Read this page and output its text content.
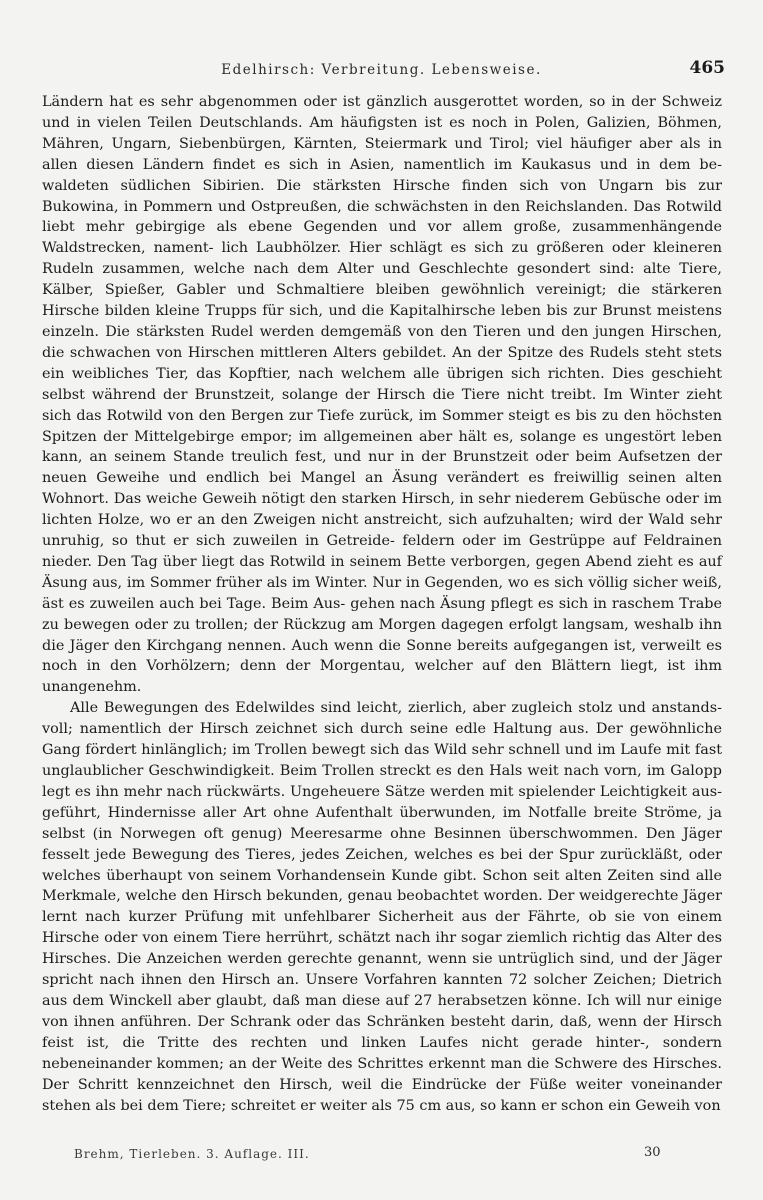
Edelhirsch: Verbreitung. Lebensweise.	465

Ländern hat es sehr abgenommen oder ist gänzlich ausgerottet worden, so in der Schweiz und in vielen Teilen Deutschlands. Am häufigsten ist es noch in Polen, Galizien, Böhmen, Mähren, Ungarn, Siebenbürgen, Kärnten, Steiermark und Tirol; viel häufiger aber als in allen diesen Ländern findet es sich in Asien, namentlich im Kaukasus und in dem be- waldeten südlichen Sibirien. Die stärksten Hirsche finden sich von Ungarn bis zur Bukowina, in Pommern und Ostpreußen, die schwächsten in den Reichslanden. Das Rotwild liebt mehr gebirgige als ebene Gegenden und vor allem große, zusammenhängende Waldstrecken, nament- lich Laubhölzer. Hier schlägt es sich zu größeren oder kleineren Rudeln zusammen, welche nach dem Alter und Geschlechte gesondert sind: alte Tiere, Kälber, Spießer, Gabler und Schmaltiere bleiben gewöhnlich vereinigt; die stärkeren Hirsche bilden kleine Trupps für sich, und die Kapitalhirsche leben bis zur Brunst meistens einzeln. Die stärksten Rudel werden demgemäß von den Tieren und den jungen Hirschen, die schwachen von Hirschen mittleren Alters gebildet. An der Spitze des Rudels steht stets ein weibliches Tier, das Kopftier, nach welchem alle übrigen sich richten. Dies geschieht selbst während der Brunstzeit, solange der Hirsch die Tiere nicht treibt. Im Winter zieht sich das Rotwild von den Bergen zur Tiefe zurück, im Sommer steigt es bis zu den höchsten Spitzen der Mittelgebirge empor; im allgemeinen aber hält es, solange es ungestört leben kann, an seinem Stande treulich fest, und nur in der Brunstzeit oder beim Aufsetzen der neuen Geweihe und endlich bei Mangel an Äsung verändert es freiwillig seinen alten Wohnort. Das weiche Geweih nötigt den starken Hirsch, in sehr niederem Gebüsche oder im lichten Holze, wo er an den Zweigen nicht anstreicht, sich aufzuhalten; wird der Wald sehr unruhig, so thut er sich zuweilen in Getreide- feldern oder im Gestrüppe auf Feldrainen nieder. Den Tag über liegt das Rotwild in seinem Bette verborgen, gegen Abend zieht es auf Äsung aus, im Sommer früher als im Winter. Nur in Gegenden, wo es sich völlig sicher weiß, äst es zuweilen auch bei Tage. Beim Aus- gehen nach Äsung pflegt es sich in raschem Trabe zu bewegen oder zu trollen; der Rückzug am Morgen dagegen erfolgt langsam, weshalb ihn die Jäger den Kirchgang nennen. Auch wenn die Sonne bereits aufgegangen ist, verweilt es noch in den Vorhölzern; denn der Morgentau, welcher auf den Blättern liegt, ist ihm unangenehm.

Alle Bewegungen des Edelwildes sind leicht, zierlich, aber zugleich stolz und anstands- voll; namentlich der Hirsch zeichnet sich durch seine edle Haltung aus. Der gewöhnliche Gang fördert hinlänglich; im Trollen bewegt sich das Wild sehr schnell und im Laufe mit fast unglaublicher Geschwindigkeit. Beim Trollen streckt es den Hals weit nach vorn, im Galopp legt es ihn mehr nach rückwärts. Ungeheuere Sätze werden mit spielender Leichtigkeit aus- geführt, Hindernisse aller Art ohne Aufenthalt überwunden, im Notfalle breite Ströme, ja selbst (in Norwegen oft genug) Meeresarme ohne Besinnen überschwommen. Den Jäger fesselt jede Bewegung des Tieres, jedes Zeichen, welches es bei der Spur zurückläßt, oder welches überhaupt von seinem Vorhandensein Kunde gibt. Schon seit alten Zeiten sind alle Merkmale, welche den Hirsch bekunden, genau beobachtet worden. Der weidgerechte Jäger lernt nach kurzer Prüfung mit unfehlbarer Sicherheit aus der Fährte, ob sie von einem Hirsche oder von einem Tiere herrührt, schätzt nach ihr sogar ziemlich richtig das Alter des Hirsches. Die Anzeichen werden gerechte genannt, wenn sie untrüglich sind, und der Jäger spricht nach ihnen den Hirsch an. Unsere Vorfahren kannten 72 solcher Zeichen; Dietrich aus dem Winckell aber glaubt, daß man diese auf 27 herabsetzen könne. Ich will nur einige von ihnen anführen. Der Schrank oder das Schränken besteht darin, daß, wenn der Hirsch feist ist, die Tritte des rechten und linken Laufes nicht gerade hinter-, sondern nebeneinander kommen; an der Weite des Schrittes erkennt man die Schwere des Hirsches. Der Schritt kennzeichnet den Hirsch, weil die Eindrücke der Füße weiter voneinander stehen als bei dem Tiere; schreitet er weiter als 75 cm aus, so kann er schon ein Geweih von

Brehm, Tierleben. 3. Auflage. III.	30
